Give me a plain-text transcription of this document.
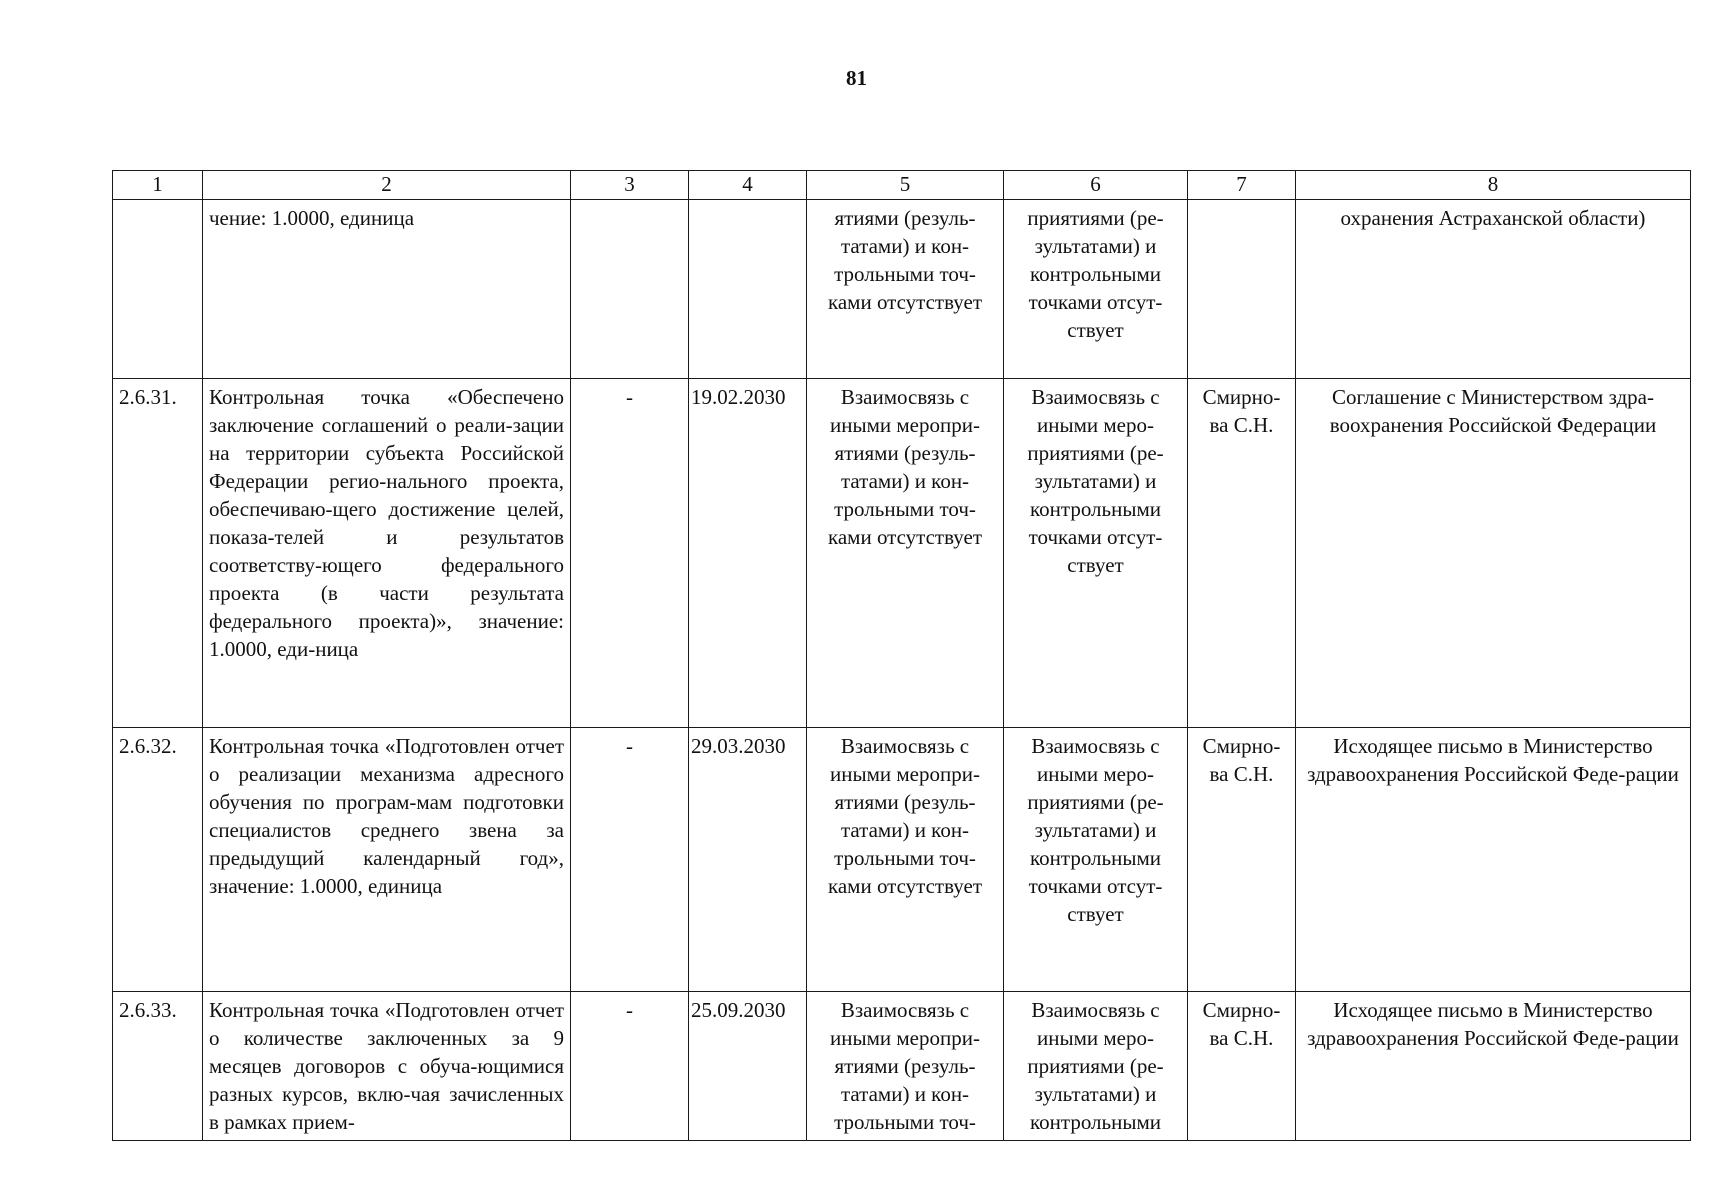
81
1	2	3	4	5	6	7	8
	чение: 1.0000, единица			ятиями (резуль-татами) и кон-трольными точ-ками отсутствует	приятиями (ре-зультатами) и контрольными точками отсут-ствует		охранения Астраханской области)
2.6.31.	Контрольная точка «Обеспечено заключение соглашений о реали-зации на территории субъекта Российской Федерации регио-нального проекта, обеспечиваю-щего достижение целей, показа-телей и результатов соответству-ющего федерального проекта (в части результата федерального проекта)», значение: 1.0000, еди-ница	-	19.02.2030	Взаимосвязь с иными меропри-ятиями (резуль-татами) и кон-трольными точ-ками отсутствует	Взаимосвязь с иными меро-приятиями (ре-зультатами) и контрольными точками отсут-ствует	Смирно-ва С.Н.	Соглашение с Министерством здра-воохранения Российской Федерации
2.6.32.	Контрольная точка «Подготовлен отчет о реализации механизма адресного обучения по програм-мам подготовки специалистов среднего звена за предыдущий календарный год», значение: 1.0000, единица	-	29.03.2030	Взаимосвязь с иными меропри-ятиями (резуль-татами) и кон-трольными точ-ками отсутствует	Взаимосвязь с иными меро-приятиями (ре-зультатами) и контрольными точками отсут-ствует	Смирно-ва С.Н.	Исходящее письмо в Министерство здравоохранения Российской Феде-рации
2.6.33.	Контрольная точка «Подготовлен отчет о количестве заключенных за 9 месяцев договоров с обуча-ющимися разных курсов, вклю-чая зачисленных в рамках прием-	-	25.09.2030	Взаимосвязь с иными меропри-ятиями (резуль-татами) и кон-трольными точ-	Взаимосвязь с иными меро-приятиями (ре-зультатами) и контрольными	Смирно-ва С.Н.	Исходящее письмо в Министерство здравоохранения Российской Феде-рации
